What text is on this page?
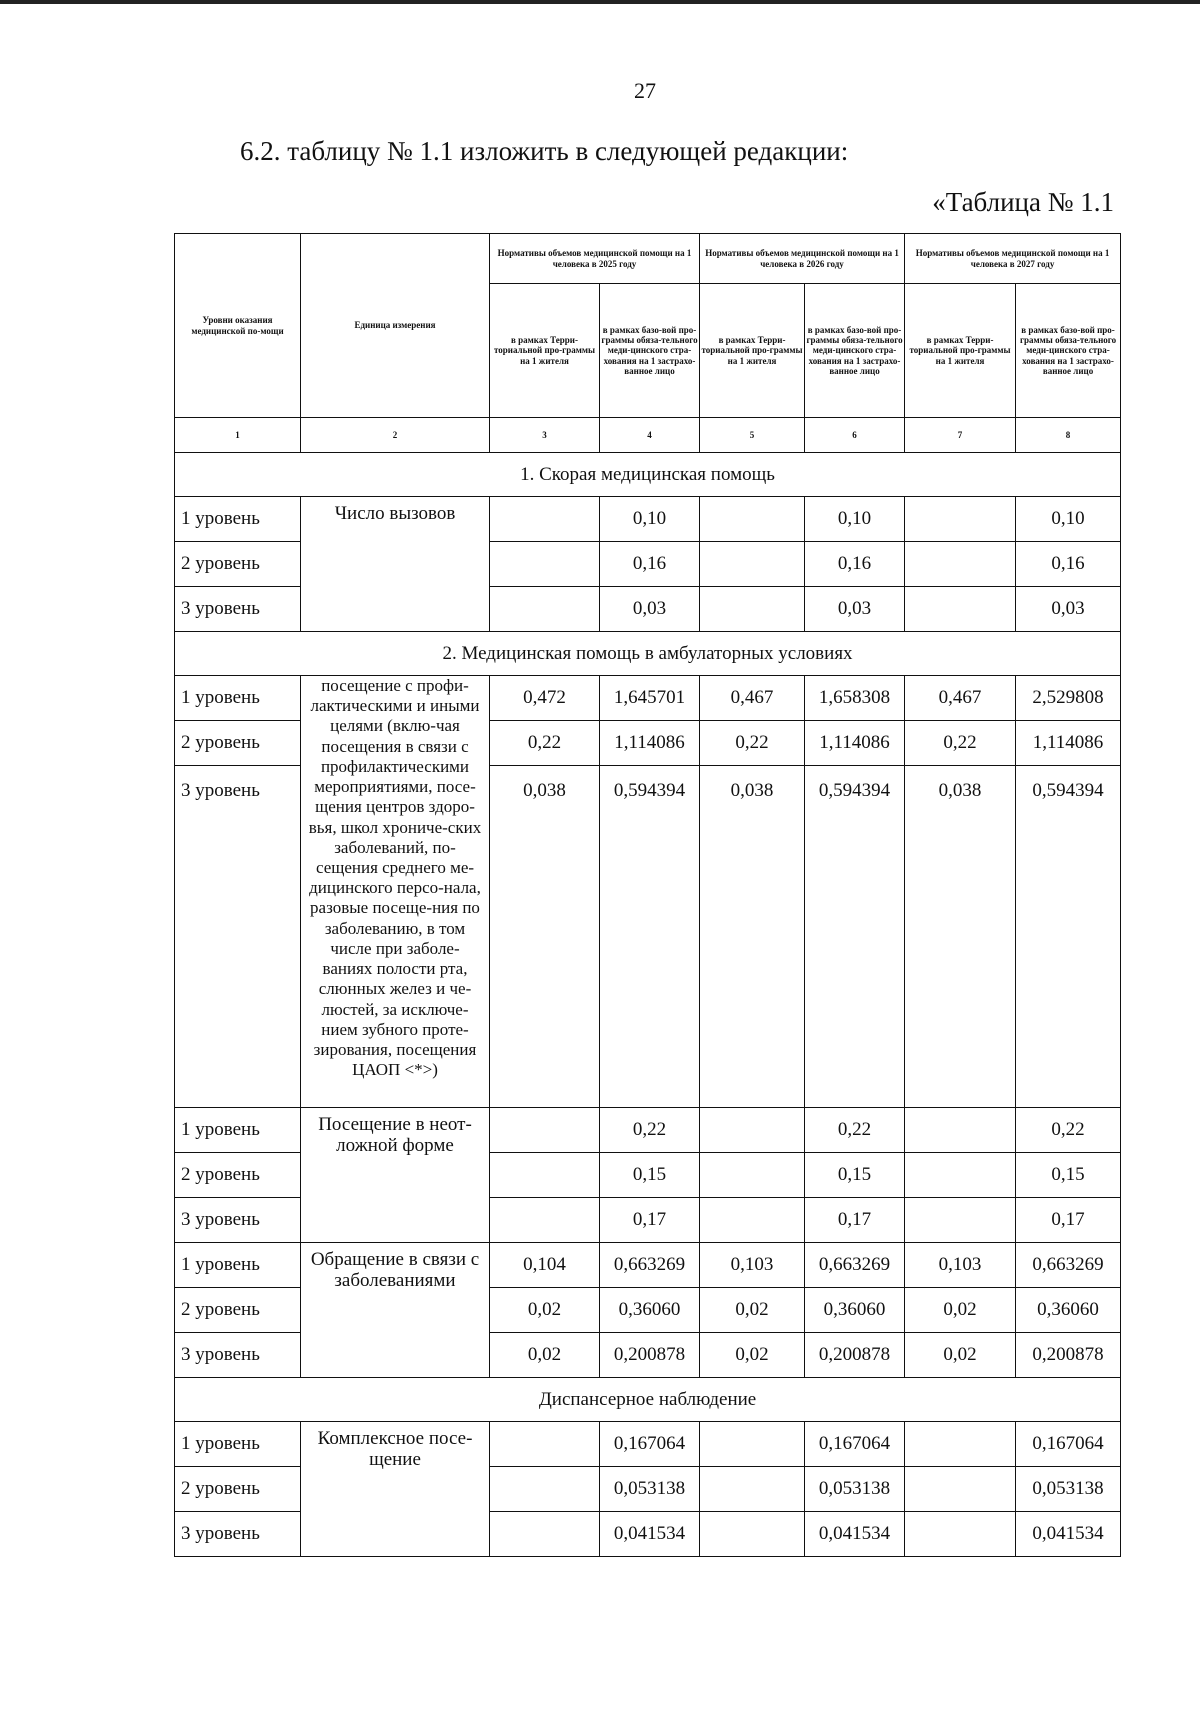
27
6.2. таблицу № 1.1 изложить в следующей редакции:
«Таблица № 1.1
Уровни оказания медицинской по-мощи	Единица измерения	Нормативы объемов медицинской помощи на 1 человека в 2025 году		Нормативы объемов медицинской помощи на 1 человека в 2026 году		Нормативы объемов медицинской помощи на 1 человека в 2027 году	
		в рамках Терри-ториальной про-граммы на 1 жителя	в рамках базо-вой про-граммы обяза-тельного меди-цинского стра-хования на 1 застрахо-ванное лицо	в рамках Терри-ториальной про-граммы на 1 жителя	в рамках базо-вой про-граммы обяза-тельного меди-цинского стра-хования на 1 застрахо-ванное лицо	в рамках Терри-ториальной про-граммы на 1 жителя	в рамках базо-вой про-граммы обяза-тельного меди-цинского стра-хования на 1 застрахо-ванное лицо
1	2	3	4	5	6	7	8
1. Скорая медицинская помощь							
1 уровень	Число вызовов		0,10		0,10		0,10
2 уровень			0,16		0,16		0,16
3 уровень			0,03		0,03		0,03
2. Медицинская помощь в амбулаторных условиях							
1 уровень	посещение с профи-лактическими и иными целями (вклю-чая посещения в связи с профилактическими мероприятиями, посе-щения центров здоро-вья, школ хрониче-ских заболеваний, по-сещения среднего ме-дицинского персо-нала, разовые посеще-ния по заболеванию, в том числе при заболе-ваниях полости рта, слюнных желез и че-люстей, за исключе-нием зубного проте-зирования, посещения ЦАОП <*>)	0,472	1,645701	0,467	1,658308	0,467	2,529808
2 уровень		0,22	1,114086	0,22	1,114086	0,22	1,114086
3 уровень		0,038	0,594394	0,038	0,594394	0,038	0,594394
1 уровень	Посещение в неот-ложной форме		0,22		0,22		0,22
2 уровень			0,15		0,15		0,15
3 уровень			0,17		0,17		0,17
1 уровень	Обращение в связи с заболеваниями	0,104	0,663269	0,103	0,663269	0,103	0,663269
2 уровень		0,02	0,36060	0,02	0,36060	0,02	0,36060
3 уровень		0,02	0,200878	0,02	0,200878	0,02	0,200878
Диспансерное наблюдение							
1 уровень	Комплексное посе-щение		0,167064		0,167064		0,167064
2 уровень			0,053138		0,053138		0,053138
3 уровень			0,041534		0,041534		0,041534
